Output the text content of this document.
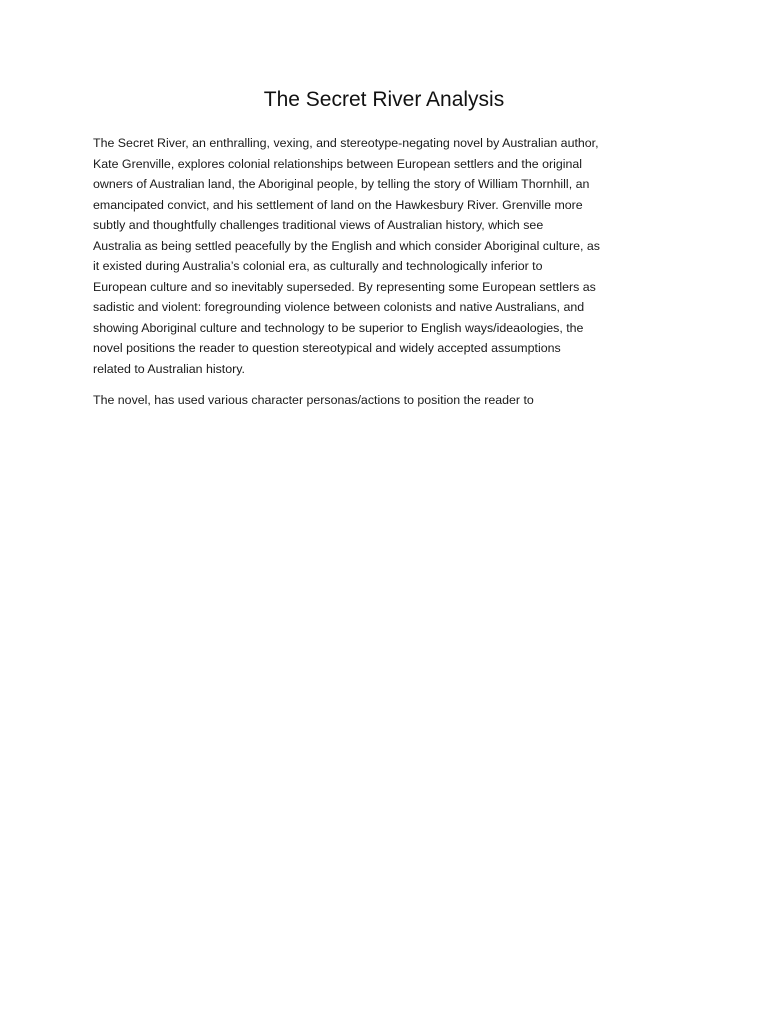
The Secret River Analysis

The Secret River, an enthralling, vexing, and stereotype-negating novel by Australian author,
Kate Grenville, explores colonial relationships between European settlers and the original
owners of Australian land, the Aboriginal people, by telling the story of William Thornhill, an
emancipated convict, and his settlement of land on the Hawkesbury River. Grenville more
subtly and thoughtfully challenges traditional views of Australian history, which see
Australia as being settled peacefully by the English and which consider Aboriginal culture, as
it existed during Australia’s colonial era, as culturally and technologically inferior to
European culture and so inevitably superseded. By representing some European settlers as
sadistic and violent: foregrounding violence between colonists and native Australians, and
showing Aboriginal culture and technology to be superior to English ways/ideaologies, the
novel positions the reader to question stereotypical and widely accepted assumptions
related to Australian history.

The novel, has used various character personas/actions to position the reader to
